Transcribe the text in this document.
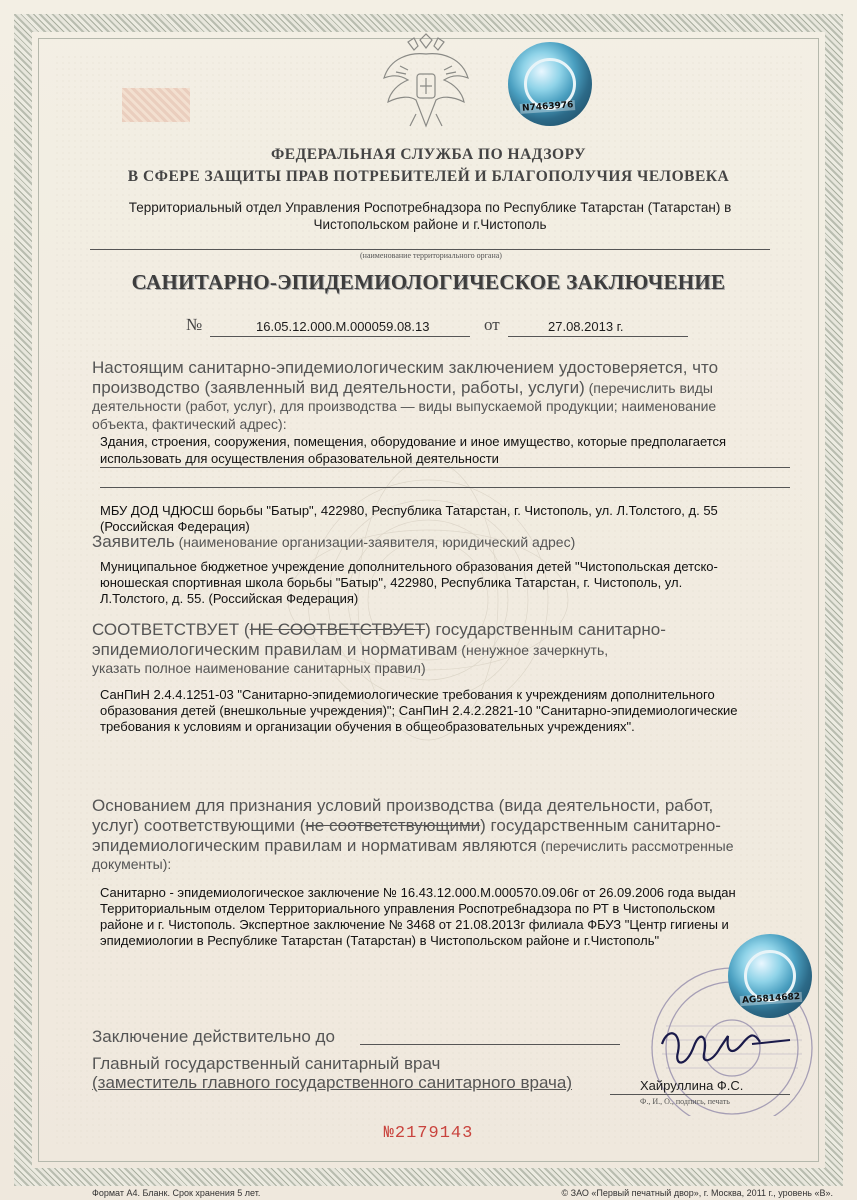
N7463976
ФЕДЕРАЛЬНАЯ СЛУЖБА ПО НАДЗОРУ
В СФЕРЕ ЗАЩИТЫ ПРАВ ПОТРЕБИТЕЛЕЙ И БЛАГОПОЛУЧИЯ ЧЕЛОВЕКА
Территориальный отдел Управления Роспотребнадзора по Республике Татарстан (Татарстан) в
Чистопольском районе и г.Чистополь
(наименование территориального органа)
САНИТАРНО-ЭПИДЕМИОЛОГИЧЕСКОЕ ЗАКЛЮЧЕНИЕ
№	16.05.12.000.М.000059.08.13	от	27.08.2013 г.
Настоящим санитарно-эпидемиологическим заключением удостоверяется, что
производство (заявленный вид деятельности, работы, услуги) (перечислить виды
деятельности (работ, услуг), для производства — виды выпускаемой продукции; наименование
объекта, фактический адрес):
Здания, строения, сооружения, помещения, оборудование и иное имущество, которые предполагается
использовать для осуществления образовательной деятельности
МБУ ДОД ЧДЮСШ борьбы "Батыр", 422980, Республика Татарстан, г. Чистополь, ул. Л.Толстого, д. 55
(Российская Федерация)
Заявитель (наименование организации-заявителя, юридический адрес)
Муниципальное бюджетное учреждение дополнительного образования детей "Чистопольская детско-
юношеская спортивная школа борьбы "Батыр", 422980, Республика Татарстан, г. Чистополь, ул.
Л.Толстого, д. 55. (Российская Федерация)
СООТВЕТСТВУЕТ (НЕ СООТВЕТСТВУЕТ) государственным санитарно-
эпидемиологическим правилам и нормативам (ненужное зачеркнуть,
указать полное наименование санитарных правил)
СанПиН 2.4.4.1251-03 "Санитарно-эпидемиологические требования к учреждениям дополнительного
образования детей (внешкольные учреждения)"; СанПиН 2.4.2.2821-10 "Санитарно-эпидемиологические
требования к условиям и организации обучения в общеобразовательных учреждениях".
Основанием для признания условий производства (вида деятельности, работ,
услуг) соответствующими (не соответствующими) государственным санитарно-
эпидемиологическим правилам и нормативам являются (перечислить рассмотренные
документы):
Санитарно - эпидемиологическое заключение № 16.43.12.000.М.000570.09.06г от 26.09.2006 года выдан
Территориальным отделом Территориального управления Роспотребнадзора по РТ в Чистопольском
районе и г. Чистополь. Экспертное заключение № 3468 от 21.08.2013г филиала ФБУЗ "Центр гигиены и
эпидемиологии в Республике Татарстан (Татарстан) в Чистопольском районе и г.Чистополь"
AG5814682
Заключение действительно до
Главный государственный санитарный врач
(заместитель главного государственного санитарного врача)	Хайруллина Ф.С.
Ф., И., О., подпись, печать
№2179143
Формат А4. Бланк. Срок хранения 5 лет.	© ЗАО «Первый печатный двор», г. Москва, 2011 г., уровень «В».
